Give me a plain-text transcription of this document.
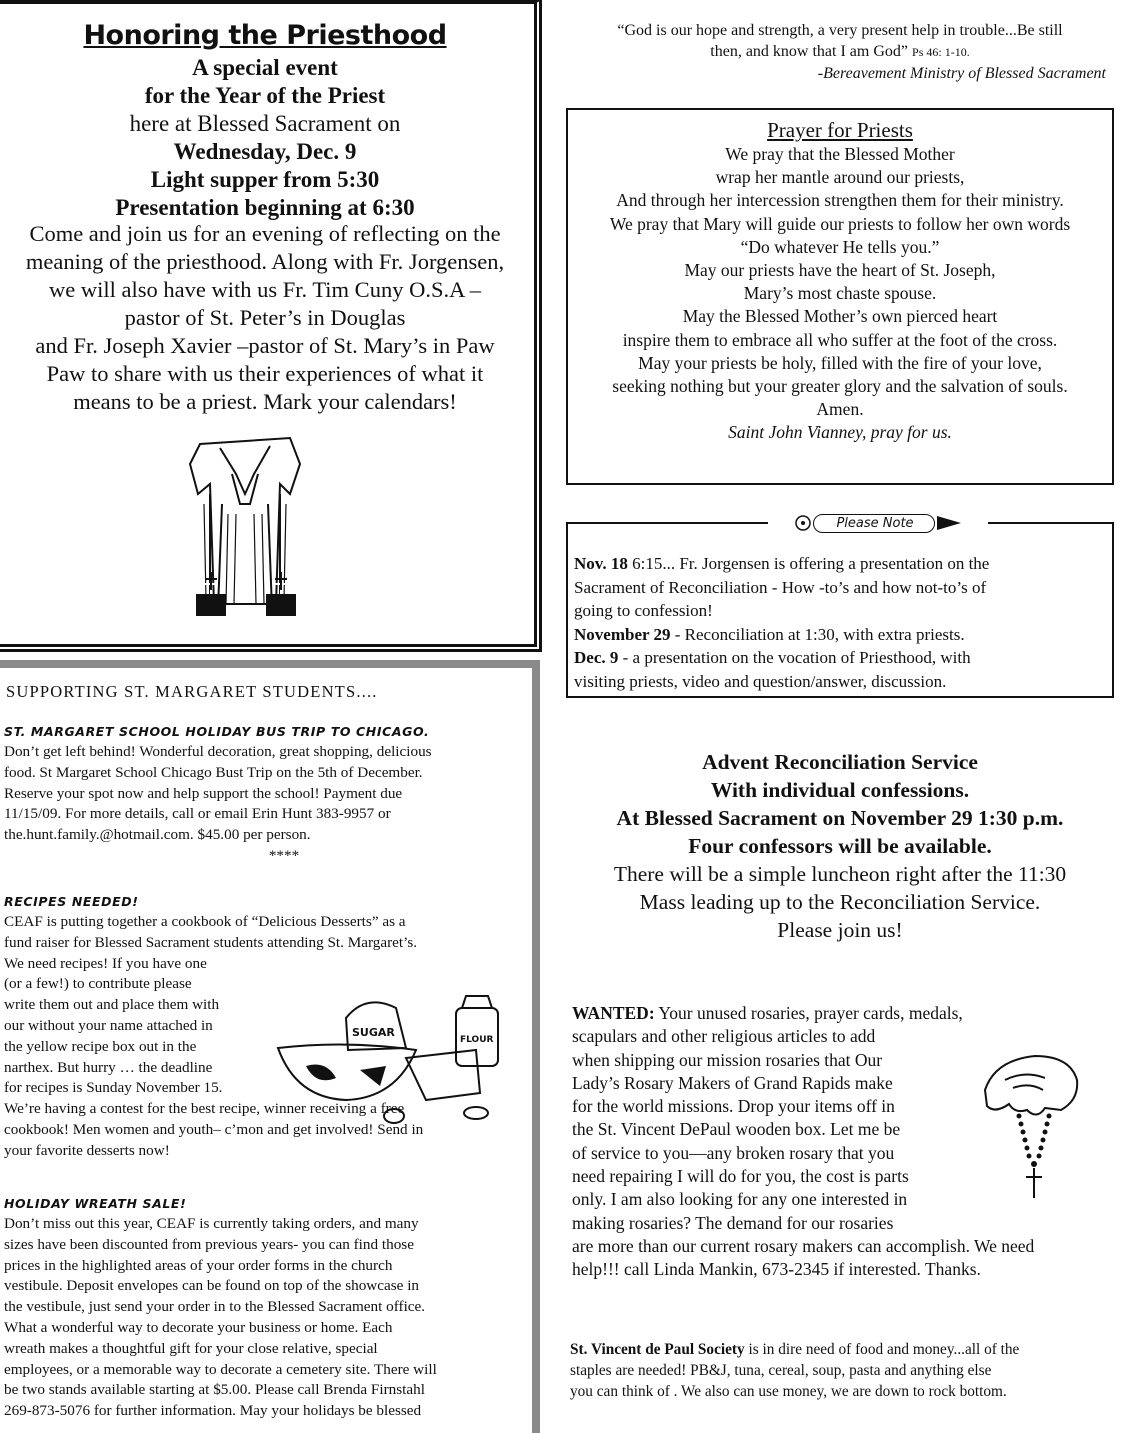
Honoring the Priesthood

A special event

for the Year of the Priest

here at Blessed Sacrament on

Wednesday, Dec. 9

Light supper from 5:30

Presentation beginning at 6:30

Come and join us for an evening of reflecting on the
meaning of the priesthood. Along with Fr. Jorgensen,
we will also have with us Fr. Tim Cuny O.S.A –
pastor of St. Peter’s in Douglas
and Fr. Joseph Xavier –pastor of St. Mary’s in Paw
Paw to share with us their experiences of what it
means to be a priest. Mark your calendars!

“God is our hope and strength, a very present help in trouble...Be still
then, and know that I am God” Ps 46: 1-10.

-Bereavement Ministry of Blessed Sacrament

Prayer for Priests
We pray that the Blessed Mother
wrap her mantle around our priests,
And through her intercession strengthen them for their ministry.
We pray that Mary will guide our priests to follow her own words
“Do whatever He tells you.”
May our priests have the heart of St. Joseph,
Mary’s most chaste spouse.
May the Blessed Mother’s own pierced heart
inspire them to embrace all who suffer at the foot of the cross.
May your priests be holy, filled with the fire of your love,
seeking nothing but your greater glory and the salvation of souls.
Amen.
Saint John Vianney, pray for us.
Please Note

Nov. 18 6:15... Fr. Jorgensen is offering a presentation on the

Sacrament of Reconciliation - How -to’s and how not-to’s of

going to confession!

November 29 - Reconciliation at 1:30, with extra priests.

Dec. 9 - a presentation on the vocation of Priesthood, with

visiting priests, video and question/answer, discussion.

SUPPORTING ST. MARGARET STUDENTS....
ST. MARGARET SCHOOL HOLIDAY BUS TRIP TO CHICAGO.

Don’t get left behind! Wonderful decoration, great shopping, delicious
food. St Margaret School Chicago Bust Trip on the 5th of December.
Reserve your spot now and help support the school! Payment due
11/15/09. For more details, call or email Erin Hunt 383-9957 or
the.hunt.family.@hotmail.com. $45.00 per person.
****

RECIPES NEEDED!

CEAF is putting together a cookbook of “Delicious Desserts” as a
fund raiser for Blessed Sacrament students attending St. Margaret’s.
We need recipes! If you have one
(or a few!) to contribute please
write them out and place them with
our without your name attached in
the yellow recipe box out in the
narthex. But hurry … the deadline
for recipes is Sunday November 15.
We’re having a contest for the best recipe, winner receiving a free
cookbook! Men women and youth– c’mon and get involved! Send in
your favorite desserts now!

SUGAR
FLOUR
HOLIDAY WREATH SALE!

Don’t miss out this year, CEAF is currently taking orders, and many
sizes have been discounted from previous years- you can find those
prices in the highlighted areas of your order forms in the church
vestibule. Deposit envelopes can be found on top of the showcase in
the vestibule, just send your order in to the Blessed Sacrament office.
What a wonderful way to decorate your business or home. Each
wreath makes a thoughtful gift for your close relative, special
employees, or a memorable way to decorate a cemetery site. There will
be two stands available starting at $5.00. Please call Brenda Firnstahl
269-873-5076 for further information. May your holidays be blessed

Advent Reconciliation Service
With individual confessions.
At Blessed Sacrament on November 29 1:30 p.m.
Four confessors will be available.
There will be a simple luncheon right after the 11:30
Mass leading up to the Reconciliation Service.
Please join us!
WANTED: Your unused rosaries, prayer cards, medals,
scapulars and other religious articles to add
when shipping our mission rosaries that Our
Lady’s Rosary Makers of Grand Rapids make
for the world missions. Drop your items off in
the St. Vincent DePaul wooden box. Let me be
of service to you—any broken rosary that you
need repairing I will do for you, the cost is parts
only. I am also looking for any one interested in
making rosaries? The demand for our rosaries
are more than our current rosary makers can accomplish. We need
help!!! call Linda Mankin, 673-2345 if interested. Thanks.
St. Vincent de Paul Society is in dire need of food and money...all of the
staples are needed! PB&J, tuna, cereal, soup, pasta and anything else
you can think of . We also can use money, we are down to rock bottom.
